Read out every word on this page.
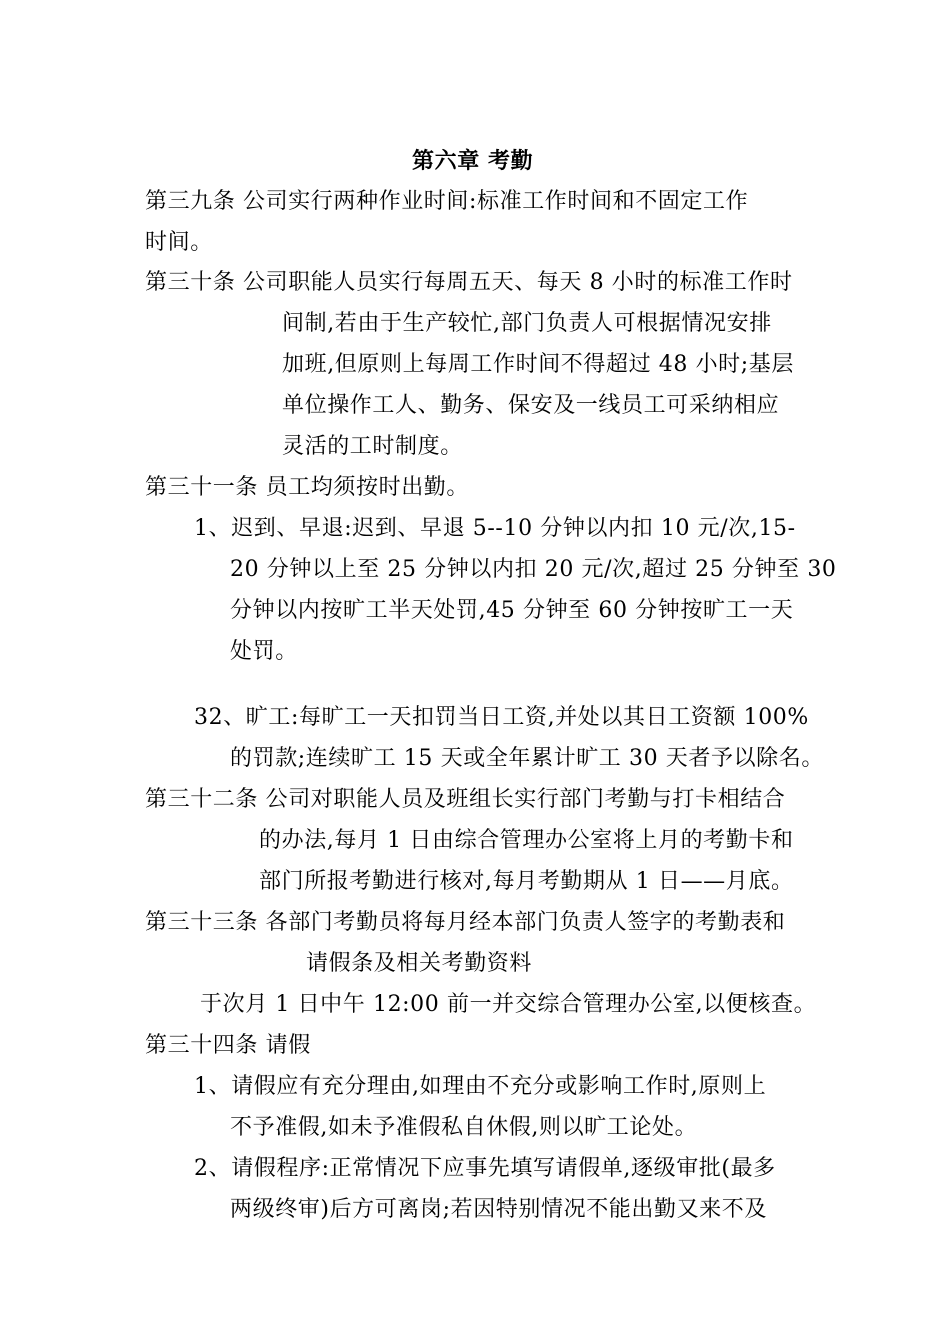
第六章 考勤
第三九条 公司实行两种作业时间:标准工作时间和不固定工作
时间。
第三十条 公司职能人员实行每周五天、每天 8 小时的标准工作时
间制,若由于生产较忙,部门负责人可根据情况安排
加班,但原则上每周工作时间不得超过 48 小时;基层
单位操作工人、勤务、保安及一线员工可采纳相应
灵活的工时制度。
第三十一条 员工均须按时出勤。
1、迟到、早退:迟到、早退 5--10 分钟以内扣 10 元/次,15-
20 分钟以上至 25 分钟以内扣 20 元/次,超过 25 分钟至 30
分钟以内按旷工半天处罚,45 分钟至 60 分钟按旷工一天
处罚。
32、旷工:每旷工一天扣罚当日工资,并处以其日工资额 100%
的罚款;连续旷工 15 天或全年累计旷工 30 天者予以除名。
第三十二条 公司对职能人员及班组长实行部门考勤与打卡相结合
的办法,每月 1 日由综合管理办公室将上月的考勤卡和
部门所报考勤进行核对,每月考勤期从 1 日——月底。
第三十三条 各部门考勤员将每月经本部门负责人签字的考勤表和
请假条及相关考勤资料
于次月 1 日中午 12:00 前一并交综合管理办公室,以便核查。
第三十四条 请假
1、请假应有充分理由,如理由不充分或影响工作时,原则上
不予准假,如未予准假私自休假,则以旷工论处。
2、请假程序:正常情况下应事先填写请假单,逐级审批(最多
两级终审)后方可离岗;若因特别情况不能出勤又来不及
